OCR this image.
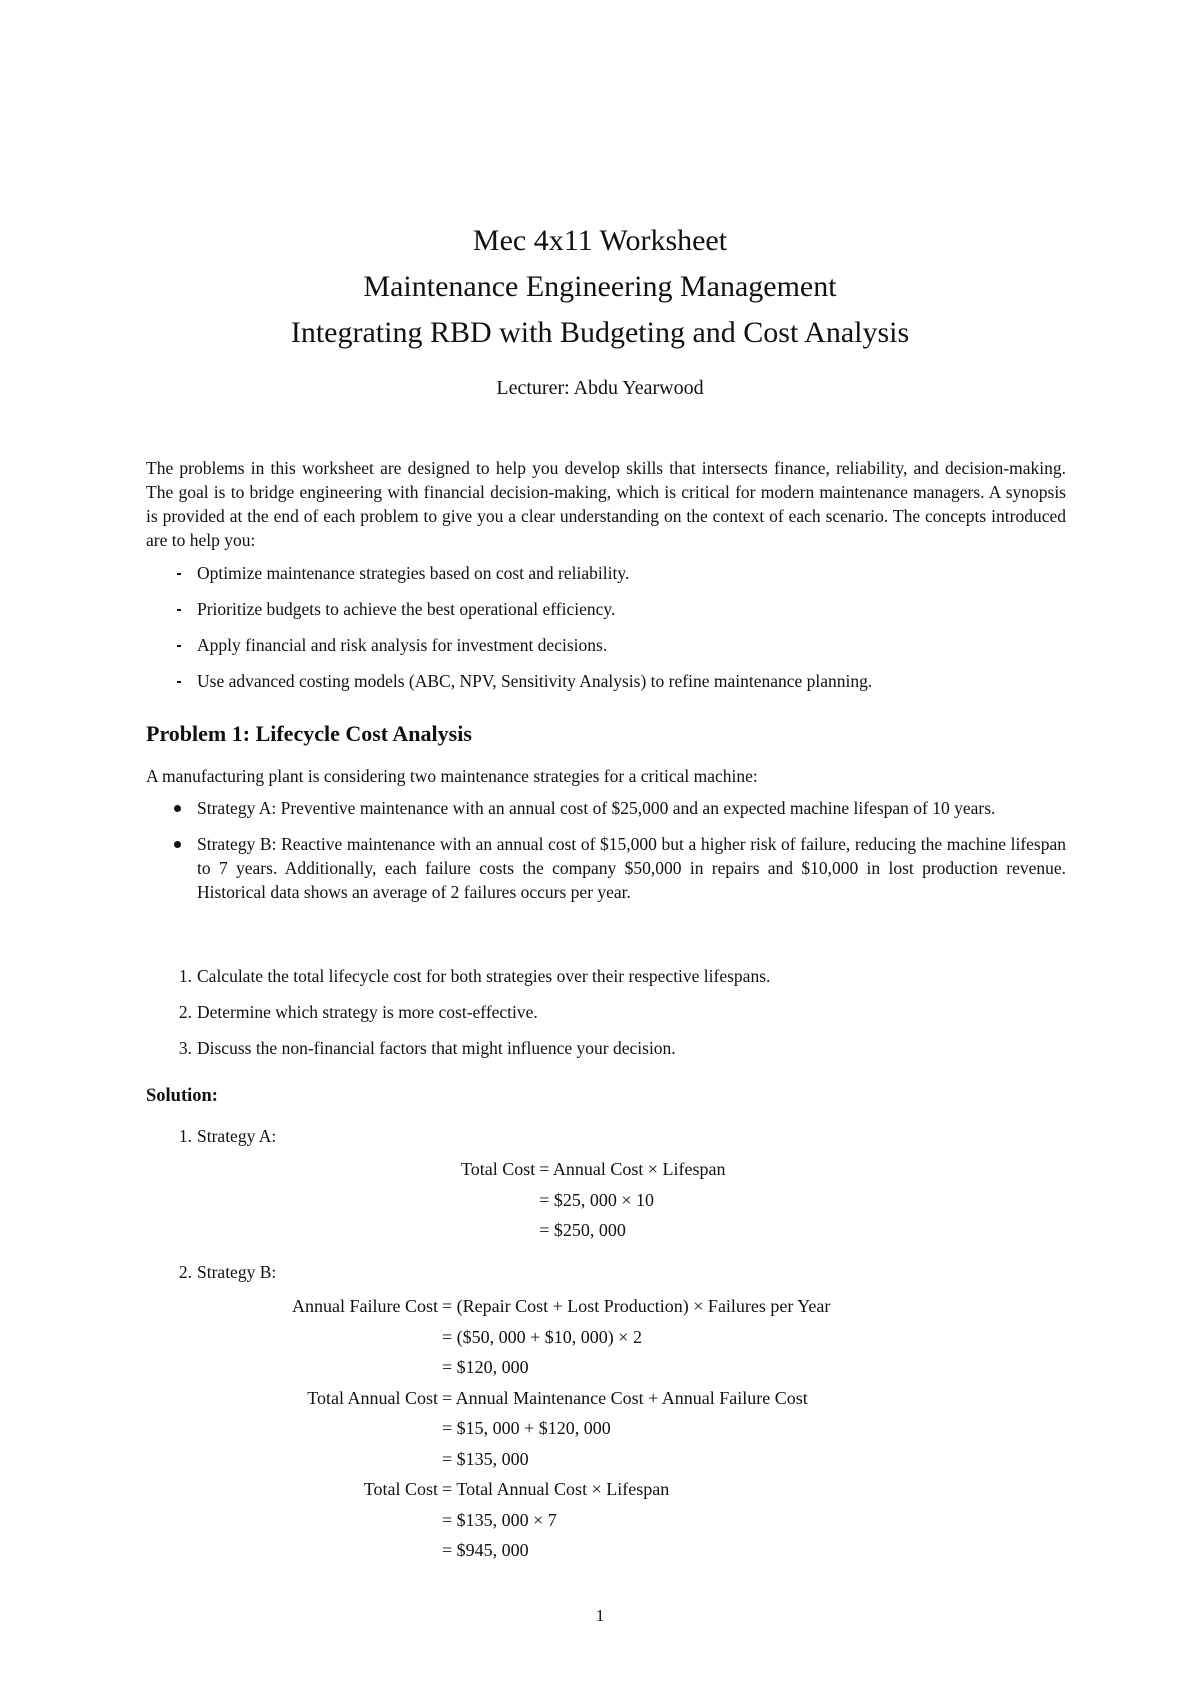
Mec 4x11 Worksheet
Maintenance Engineering Management
Integrating RBD with Budgeting and Cost Analysis
Lecturer: Abdu Yearwood
The problems in this worksheet are designed to help you develop skills that intersects finance, reliability, and decision-making. The goal is to bridge engineering with financial decision-making, which is critical for modern maintenance managers. A synopsis is provided at the end of each problem to give you a clear understanding on the context of each scenario. The concepts introduced are to help you:
Optimize maintenance strategies based on cost and reliability.
Prioritize budgets to achieve the best operational efficiency.
Apply financial and risk analysis for investment decisions.
Use advanced costing models (ABC, NPV, Sensitivity Analysis) to refine maintenance planning.
Problem 1: Lifecycle Cost Analysis
A manufacturing plant is considering two maintenance strategies for a critical machine:
Strategy A: Preventive maintenance with an annual cost of $25,000 and an expected machine lifespan of 10 years.
Strategy B: Reactive maintenance with an annual cost of $15,000 but a higher risk of failure, reducing the machine lifespan to 7 years. Additionally, each failure costs the company $50,000 in repairs and $10,000 in lost production revenue. Historical data shows an average of 2 failures occurs per year.
1. Calculate the total lifecycle cost for both strategies over their respective lifespans.
2. Determine which strategy is more cost-effective.
3. Discuss the non-financial factors that might influence your decision.
Solution:
1. Strategy A:
Total Cost	= Annual Cost × Lifespan
	= $25, 000 × 10
	= $250, 000
2. Strategy B:
Annual Failure Cost	= (Repair Cost + Lost Production) × Failures per Year
	= ($50, 000 + $10, 000) × 2
	= $120, 000
Total Annual Cost	= Annual Maintenance Cost + Annual Failure Cost
	= $15, 000 + $120, 000
	= $135, 000
Total Cost	= Total Annual Cost × Lifespan
	= $135, 000 × 7
	= $945, 000
1
